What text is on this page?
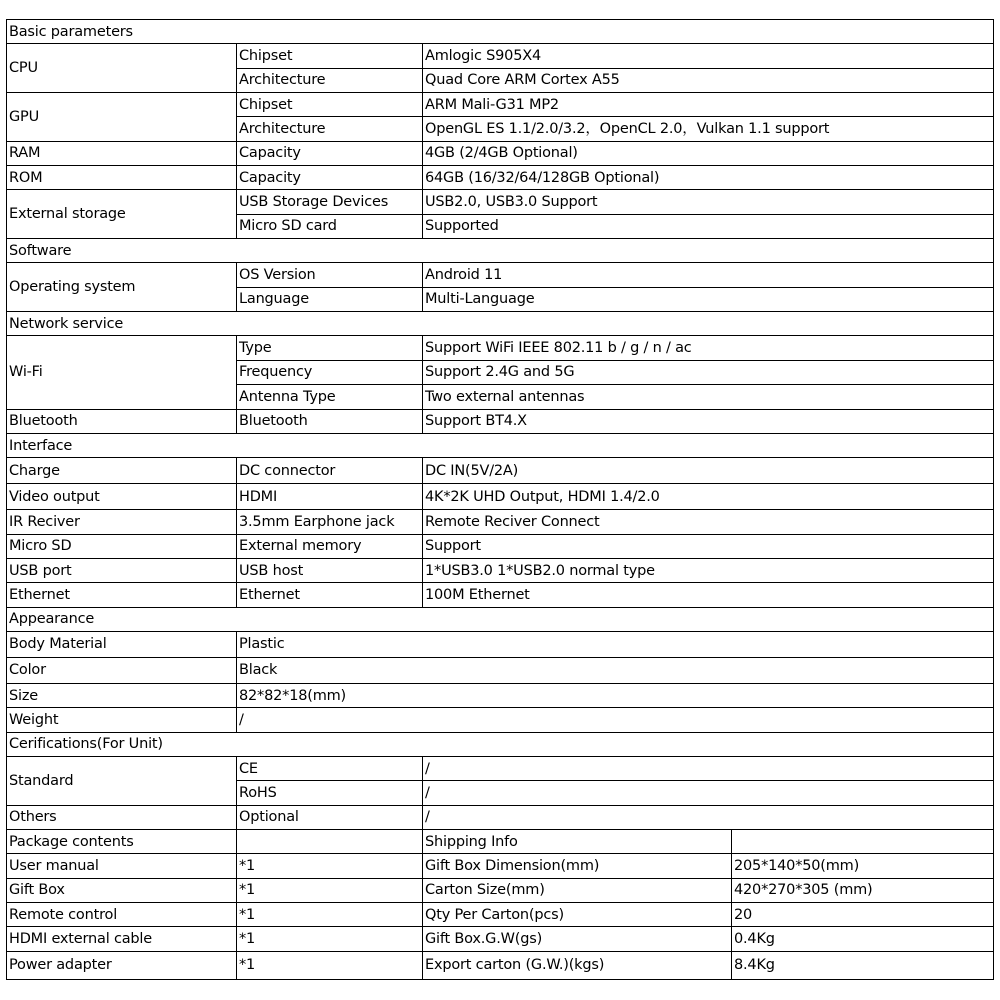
Basic parameters			
CPU	Chipset	Amlogic S905X4	
	Architecture	Quad Core ARM Cortex A55	
GPU	Chipset	ARM Mali-G31 MP2	
	Architecture	OpenGL ES 1.1/2.0/3.2，OpenCL 2.0，Vulkan 1.1 support	
RAM	Capacity	4GB (2/4GB Optional)	
ROM	Capacity	64GB (16/32/64/128GB Optional)	
External storage	USB Storage Devices	USB2.0, USB3.0 Support	
	Micro SD card	Supported	
Software			
Operating system	OS Version	Android 11	
	Language	Multi-Language	
Network service			
Wi-Fi	Type	Support WiFi IEEE 802.11 b / g / n / ac	
	Frequency	Support 2.4G and 5G	
	Antenna Type	Two external antennas	
Bluetooth	Bluetooth	Support BT4.X	
Interface			
Charge	DC connector	DC IN(5V/2A)	
Video output	HDMI	4K*2K UHD Output, HDMI 1.4/2.0	
IR Reciver	3.5mm Earphone jack	Remote Reciver Connect	
Micro SD	External memory	Support	
USB port	USB host	1*USB3.0 1*USB2.0 normal type	
Ethernet	Ethernet	100M Ethernet	
Appearance			
Body Material	Plastic		
Color	Black		
Size	82*82*18(mm)		
Weight	/		
Cerifications(For Unit)			
Standard	CE	/	
	RoHS	/	
Others	Optional	/	
Package contents		Shipping Info	
User manual	*1	Gift Box Dimension(mm)	205*140*50(mm)
Gift Box	*1	Carton Size(mm)	420*270*305 (mm)
Remote control	*1	Qty Per Carton(pcs)	20
HDMI external cable	*1	Gift Box.G.W(gs)	0.4Kg
Power adapter	*1	Export carton (G.W.)(kgs)	8.4Kg
